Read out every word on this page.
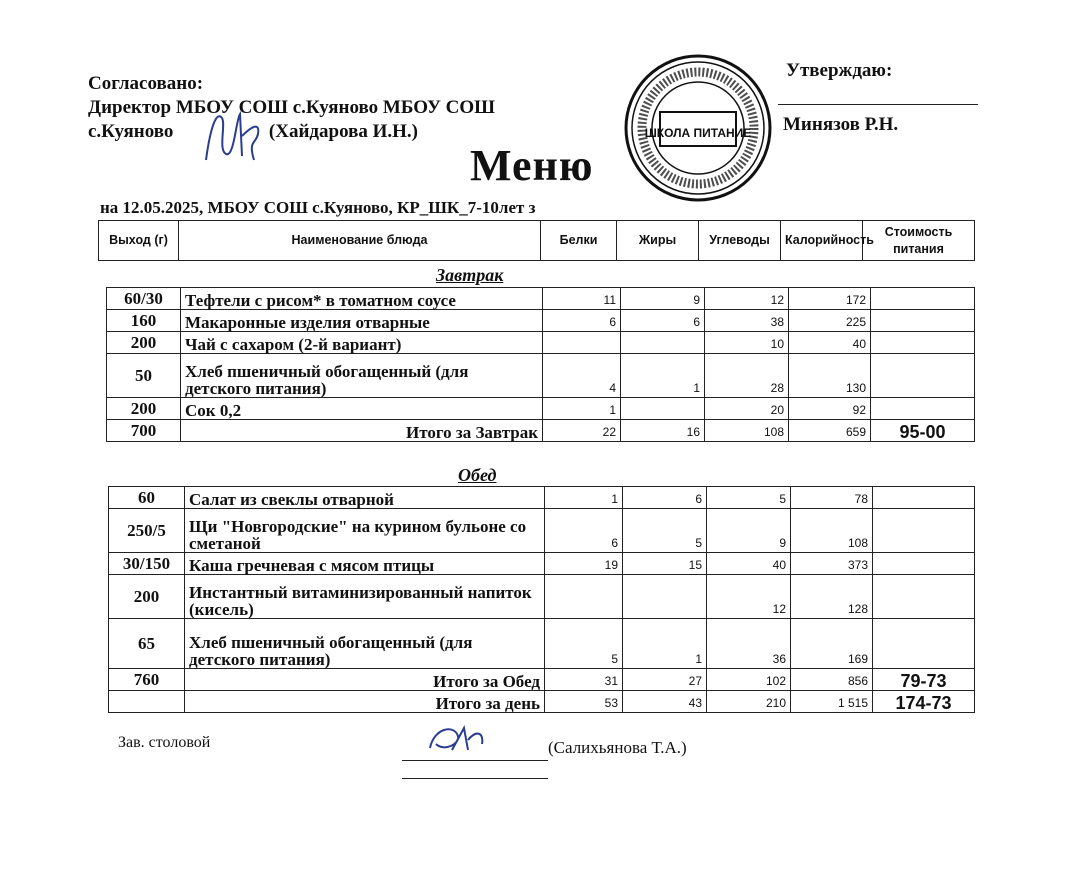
Согласовано:
Директор МБОУ СОШ с.Куяново МБОУ СОШ
с.Куяново	(Хайдарова И.Н.)
Утверждаю:
Минязов Р.Н.
ШКОЛА ПИТАНИЕ
Меню
на 12.05.2025, МБОУ СОШ с.Куяново, КР_ШК_7-10лет з
Выход (г)	Наименование блюда	Белки	Жиры	Углеводы	Калорийность	Стоимость питания
Завтрак
60/30	Тефтели с рисом* в томатном соусе	11	9	12	172	
160	Макаронные изделия отварные	6	6	38	225	
200	Чай с сахаром (2-й вариант)			10	40	
50	Хлеб пшеничный обогащенный (для детского питания)	4	1	28	130	
200	Сок 0,2	1		20	92	
700	Итого за Завтрак	22	16	108	659	95-00
Обед
60	Салат из свеклы отварной	1	6	5	78	
250/5	Щи "Новгородские" на курином бульоне со сметаной	6	5	9	108	
30/150	Каша гречневая с мясом птицы	19	15	40	373	
200	Инстантный витаминизированный напиток (кисель)			12	128	
65	Хлеб пшеничный обогащенный (для детского питания)	5	1	36	169	
760	Итого за Обед	31	27	102	856	79-73
	Итого за день	53	43	210	1 515	174-73
Зав. столовой	(Салихьянова Т.А.)
